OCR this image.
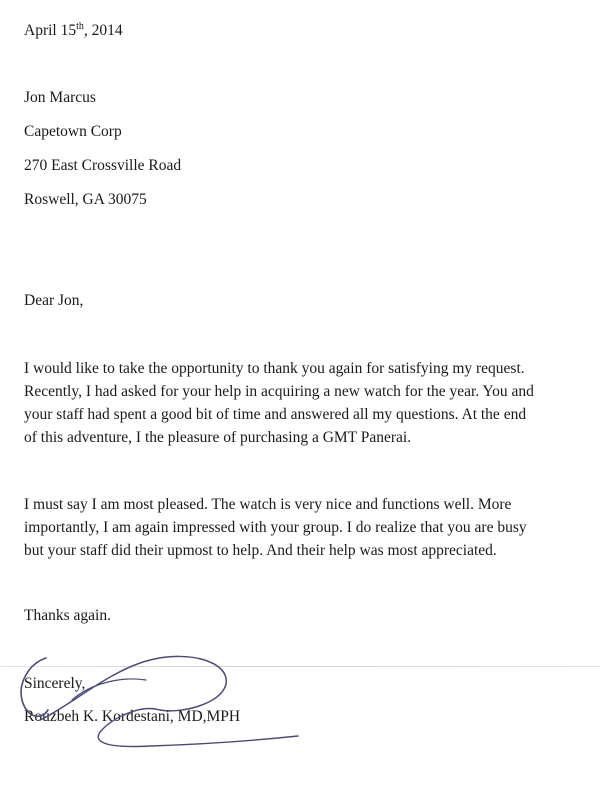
April 15th, 2014
Jon Marcus
Capetown Corp
270 East Crossville Road
Roswell, GA 30075
Dear Jon,
I would like to take the opportunity to thank you again for satisfying my request.
Recently, I had asked for your help in acquiring a new watch for the year. You and
your staff had spent a good bit of time and answered all my questions. At the end
of this adventure, I the pleasure of purchasing a GMT Panerai.
I must say I am most pleased. The watch is very nice and functions well. More
importantly, I am again impressed with your group. I do realize that you are busy
but your staff did their upmost to help. And their help was most appreciated.
Thanks again.
Sincerely,
Rouzbeh K. Kordestani, MD,MPH
